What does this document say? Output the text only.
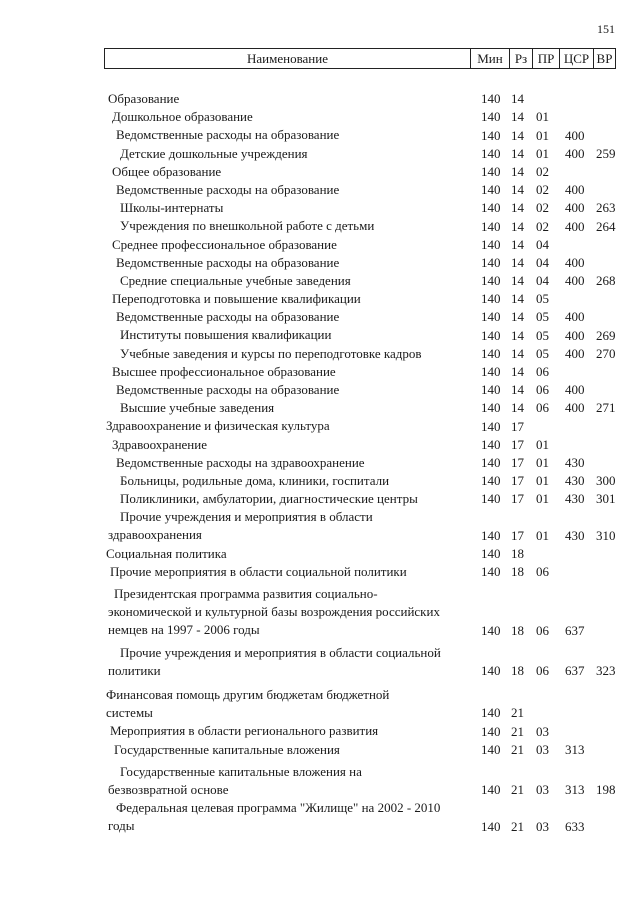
151
Наименование	Мин Рз ПР ЦСР ВР
Образование	140 14
Дошкольное образование	140 14 01
Ведомственные расходы на образование	140 14 01 400
Детские дошкольные учреждения	140 14 01 400 259
Общее образование	140 14 02
Ведомственные расходы на образование	140 14 02 400
Школы-интернаты	140 14 02 400 263
Учреждения по внешкольной работе с детьми	140 14 02 400 264
Среднее профессиональное образование	140 14 04
Ведомственные расходы на образование	140 14 04 400
Средние специальные учебные заведения	140 14 04 400 268
Переподготовка и повышение квалификации	140 14 05
Ведомственные расходы на образование	140 14 05 400
Институты повышения квалификации	140 14 05 400 269
Учебные заведения и курсы по переподготовке кадров	140 14 05 400 270
Высшее профессиональное образование	140 14 06
Ведомственные расходы на образование	140 14 06 400
Высшие учебные заведения	140 14 06 400 271
Здравоохранение и физическая культура	140 17
Здравоохранение	140 17 01
Ведомственные расходы на здравоохранение	140 17 01 430
Больницы, родильные дома, клиники, госпитали	140 17 01 430 300
Поликлиники, амбулатории, диагностические центры	140 17 01 430 301
Прочие учреждения и мероприятия в области
здравоохранения	140 17 01 430 310
Социальная политика	140 18
Прочие мероприятия в области социальной политики	140 18 06
Президентская программа развития социально-
экономической и культурной базы возрождения российских
немцев на 1997 - 2006 годы	140 18 06 637
Прочие учреждения и мероприятия в области социальной
политики	140 18 06 637 323
Финансовая помощь другим бюджетам бюджетной
системы	140 21
Мероприятия в области регионального развития	140 21 03
Государственные капитальные вложения	140 21 03 313
Государственные капитальные вложения на
безвозвратной основе	140 21 03 313 198
Федеральная целевая программа "Жилище" на 2002 - 2010
годы	140 21 03 633
